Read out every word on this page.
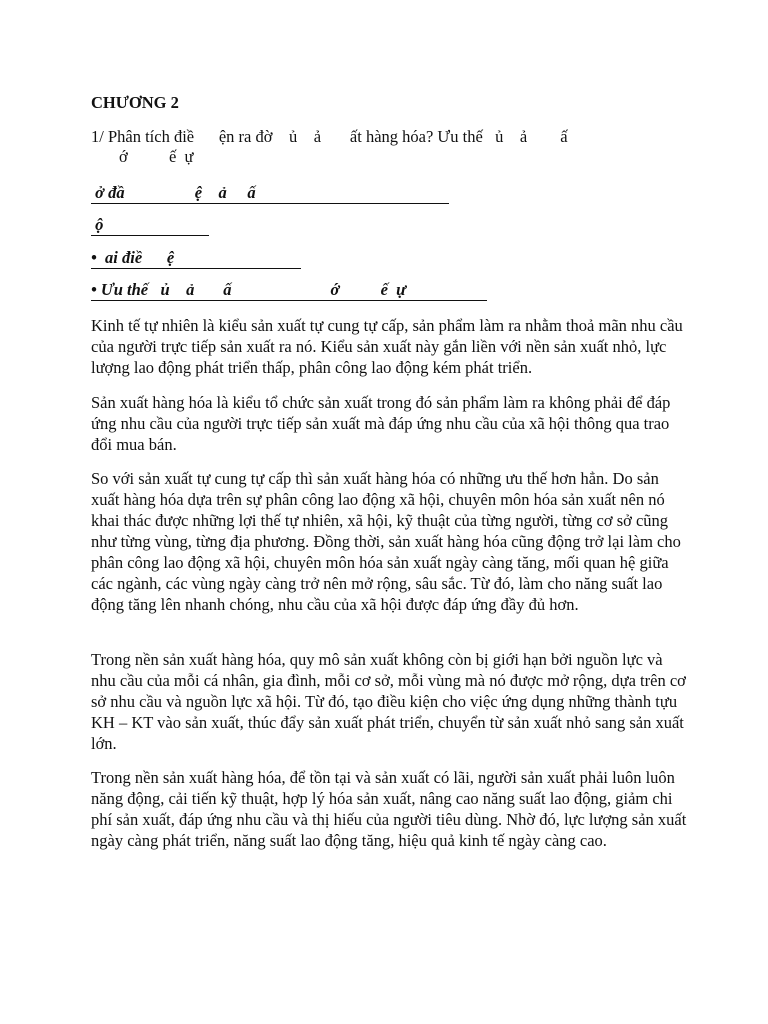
CHƯƠNG 2
1/ Phân tích điề      ện ra đờ    ủ    ả       ất hàng hóa? Ưu thế   ủ    ả        ấ
ớ          ế  ự
ở đầ                 ệ    ả     ấ
ộ
•  ai điề      ệ
• Ưu thế   ủ    ả       ấ                        ớ          ế  ự

Kinh tế tự nhiên là kiểu sản xuất tự cung tự cấp, sản phẩm làm ra nhằm thoả mãn nhu cầu của người trực tiếp sản xuất ra nó. Kiểu sản xuất này gắn liền với nền sản xuất nhỏ, lực lượng lao động phát triển thấp, phân công lao động kém phát triển.

Sản xuất hàng hóa là kiểu tổ chức sản xuất trong đó sản phẩm làm ra không phải để đáp ứng nhu cầu của người trực tiếp sản xuất mà đáp ứng nhu cầu của xã hội thông qua trao đổi mua bán.

So với sản xuất tự cung tự cấp thì sản xuất hàng hóa có những ưu thế hơn hẳn. Do sản xuất hàng hóa dựa trên sự phân công lao động xã hội, chuyên môn hóa sản xuất nên nó khai thác được những lợi thế tự nhiên, xã hội, kỹ thuật của từng người, từng cơ sở cũng như từng vùng, từng địa phương. Đồng thời, sản xuất hàng hóa cũng động trở lại làm cho phân công lao động xã hội, chuyên môn hóa sản xuất ngày càng tăng, mối quan hệ giữa các ngành, các vùng ngày càng trở nên mở rộng, sâu sắc. Từ đó, làm cho năng suất lao động tăng lên nhanh chóng, nhu cầu của xã hội được đáp ứng đầy đủ hơn.

Trong nền sản xuất hàng hóa, quy mô sản xuất không còn bị giới hạn bởi nguồn lực và nhu cầu của mỗi cá nhân, gia đình, mỗi cơ sở, mỗi vùng mà nó được mở rộng, dựa trên cơ sở nhu cầu và nguồn lực xã hội. Từ đó, tạo điều kiện cho việc ứng dụng những thành tựu KH – KT vào sản xuất, thúc đẩy sản xuất phát triển, chuyển từ sản xuất nhỏ sang sản xuất lớn.

Trong nền sản xuất hàng hóa, để tồn tại và sản xuất có lãi, người sản xuất phải luôn luôn năng động, cải tiến kỹ thuật, hợp lý hóa sản xuất, nâng cao năng suất lao động, giảm chi phí sản xuất, đáp ứng nhu cầu và thị hiếu của người tiêu dùng. Nhờ đó, lực lượng sản xuất ngày càng phát triển, năng suất lao động tăng, hiệu quả kinh tế ngày càng cao.
